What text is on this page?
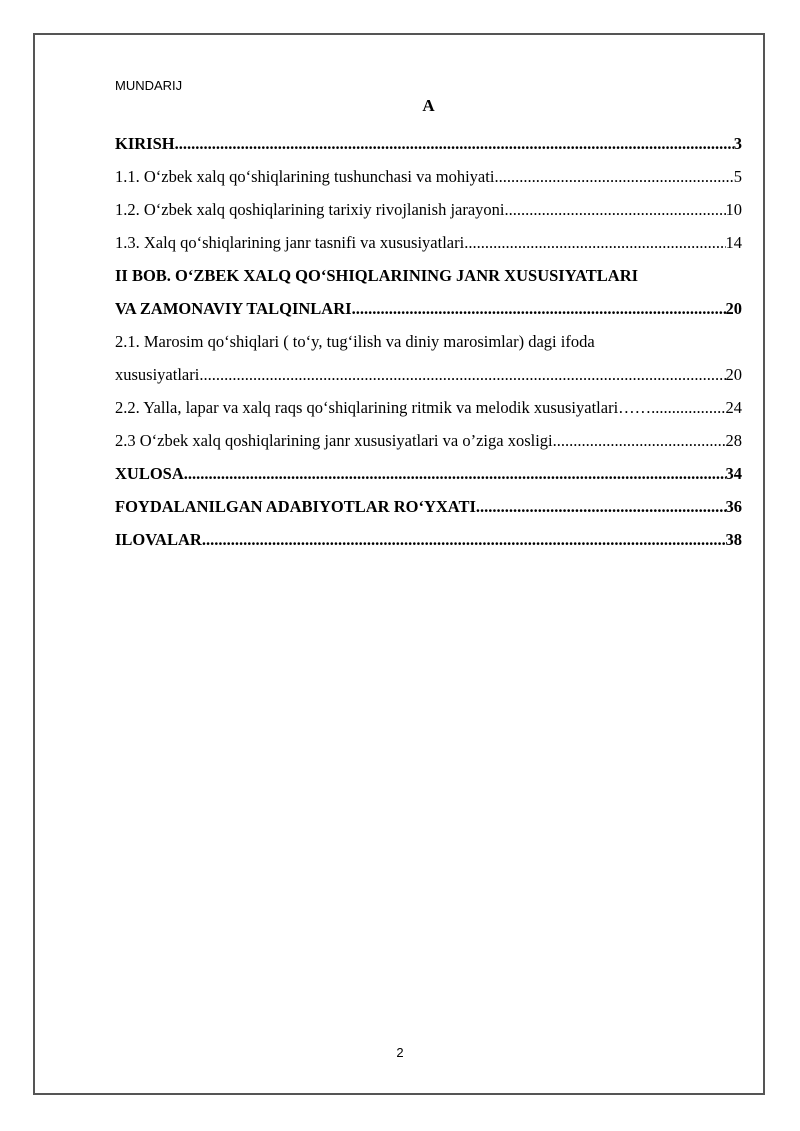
MUNDARIJ
A
KIRISH .....	3
1.1. O‘zbek xalq qo‘shiqlarining tushunchasi va mohiyati .....	5
1.2. O‘zbek xalq qoshiqlarining tarixiy rivojlanish jarayoni .....	10
1.3. Xalq qo‘shiqlarining janr tasnifi va xususiyatlari .....	14
II BOB. O‘ZBEK XALQ QO‘SHIQLARINING JANR XUSUSIYATLARI
VA ZAMONAVIY TALQINLARI .....	20
2.1. Marosim qo‘shiqlari ( to‘y, tug‘ilish va diniy marosimlar) dagi ifoda
xususiyatlari .....	20
2.2. Yalla, lapar va xalq raqs qo‘shiqlarining ritmik va melodik xususiyatlari…… .....	24
2.3 O‘zbek xalq qoshiqlarining janr xususiyatlari va o’ziga xosligi .....	28
XULOSA .....	34
FOYDALANILGAN ADABIYOTLAR RO‘YXATI .....	36
ILOVALAR .....	38
2
